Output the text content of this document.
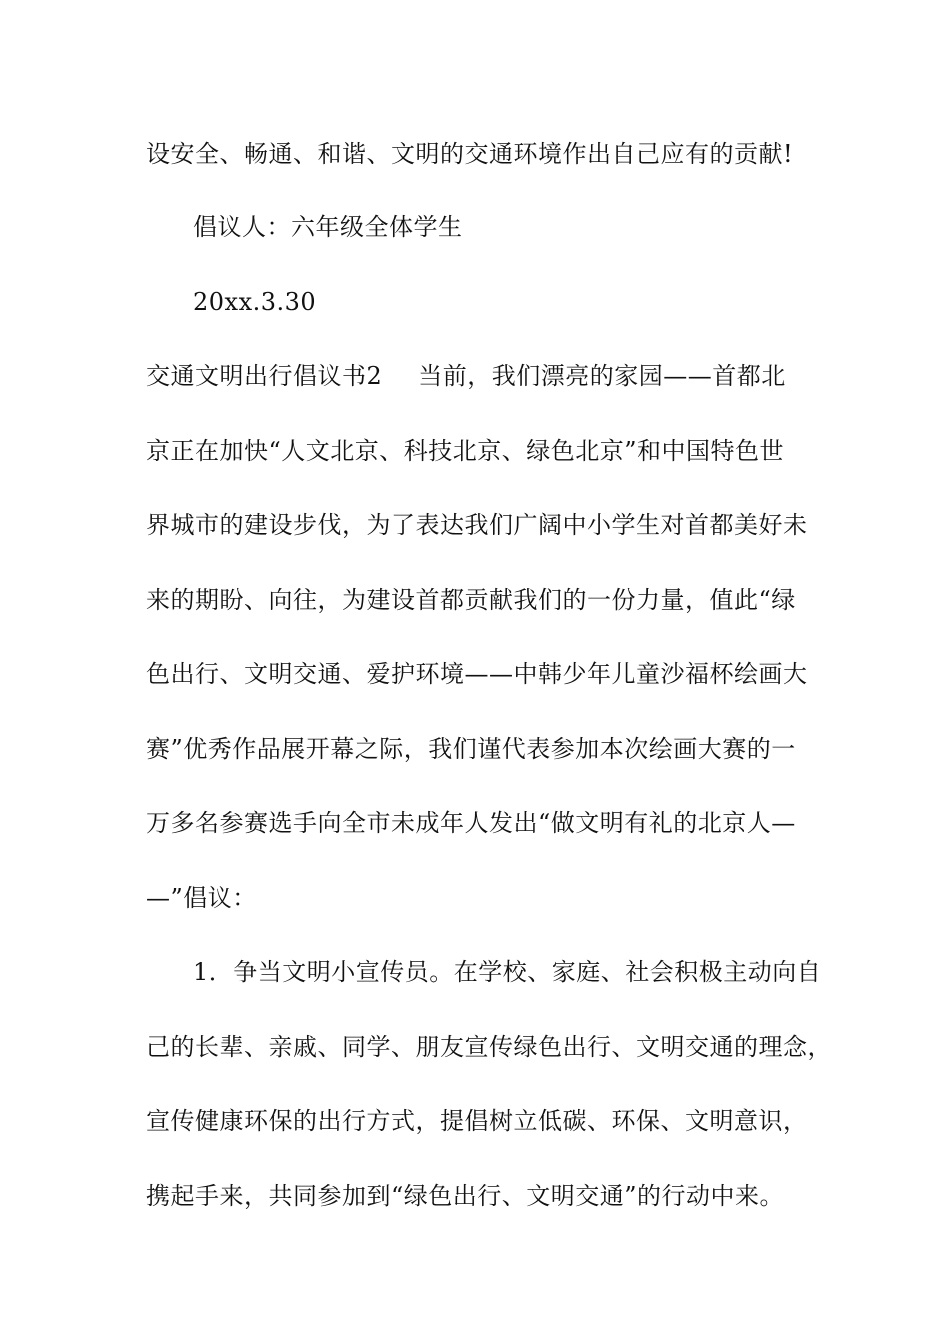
设安全、畅通、和谐、文明的交通环境作出自己应有的贡献!
倡议人：六年级全体学生
20xx.3.30
交通文明出行倡议书2 当前，我们漂亮的家园——首都北
京正在加快“人文北京、科技北京、绿色北京”和中国特色世
界城市的建设步伐，为了表达我们广阔中小学生对首都美好未
来的期盼、向往，为建设首都贡献我们的一份力量，值此“绿
色出行、文明交通、爱护环境——中韩少年儿童沙福杯绘画大
赛”优秀作品展开幕之际，我们谨代表参加本次绘画大赛的一
万多名参赛选手向全市未成年人发出“做文明有礼的北京人—
—”倡议：
1．争当文明小宣传员。在学校、家庭、社会积极主动向自
己的长辈、亲戚、同学、朋友宣传绿色出行、文明交通的理念，
宣传健康环保的出行方式，提倡树立低碳、环保、文明意识，
携起手来，共同参加到“绿色出行、文明交通”的行动中来。
